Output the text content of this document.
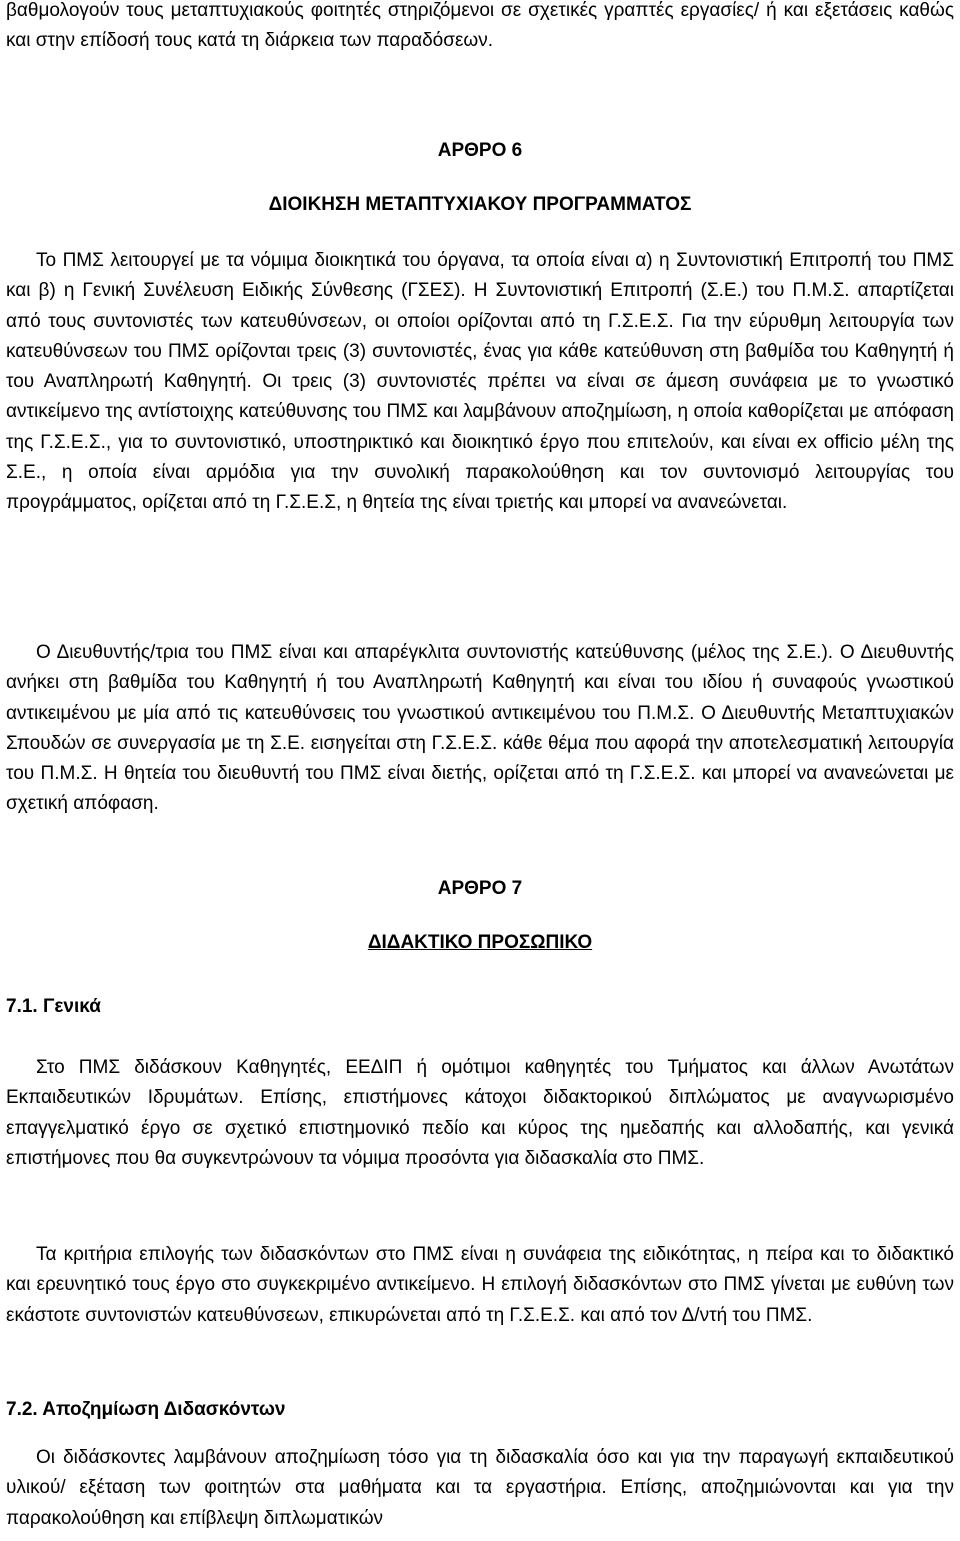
βαθμολογούν τους μεταπτυχιακούς φοιτητές στηριζόμενοι σε σχετικές γραπτές εργασίες/ ή και εξετάσεις καθώς και στην επίδοσή τους κατά τη διάρκεια των παραδόσεων.

ΑΡΘΡΟ 6

ΔΙΟΙΚΗΣΗ ΜΕΤΑΠΤΥΧΙΑΚΟΥ ΠΡΟΓΡΑΜΜΑΤΟΣ

Το ΠΜΣ λειτουργεί με τα νόμιμα διοικητικά του όργανα, τα οποία είναι α) η Συντονιστική Επιτροπή του ΠΜΣ και β) η Γενική Συνέλευση Ειδικής Σύνθεσης (ΓΣΕΣ). Η Συντονιστική Επιτροπή (Σ.Ε.) του Π.Μ.Σ. απαρτίζεται από τους συντονιστές των κατευθύνσεων, οι οποίοι ορίζονται από τη Γ.Σ.Ε.Σ. Για την εύρυθμη λειτουργία των κατευθύνσεων του ΠΜΣ ορίζονται τρεις (3) συντονιστές, ένας για κάθε κατεύθυνση στη βαθμίδα του Καθηγητή ή του Αναπληρωτή Καθηγητή. Οι τρεις (3) συντονιστές πρέπει να είναι σε άμεση συνάφεια με το γνωστικό αντικείμενο της αντίστοιχης κατεύθυνσης του ΠΜΣ και λαμβάνουν αποζημίωση, η οποία καθορίζεται με απόφαση της Γ.Σ.Ε.Σ., για το συντονιστικό, υποστηρικτικό και διοικητικό έργο που επιτελούν, και είναι ex officio μέλη της Σ.Ε., η οποία είναι αρμόδια για την συνολική παρακολούθηση και τον συντονισμό λειτουργίας του προγράμματος, ορίζεται από τη Γ.Σ.Ε.Σ, η θητεία της είναι τριετής και μπορεί να ανανεώνεται.

Ο Διευθυντής/τρια του ΠΜΣ είναι και απαρέγκλιτα συντονιστής κατεύθυνσης (μέλος της Σ.Ε.). Ο Διευθυντής ανήκει στη βαθμίδα του Καθηγητή ή του Αναπληρωτή Καθηγητή και είναι του ιδίου ή συναφούς γνωστικού αντικειμένου με μία από τις κατευθύνσεις του γνωστικού αντικειμένου του Π.Μ.Σ. Ο Διευθυντής Μεταπτυχιακών Σπουδών σε συνεργασία με τη Σ.Ε. εισηγείται στη Γ.Σ.Ε.Σ. κάθε θέμα που αφορά την αποτελεσματική λειτουργία του Π.Μ.Σ. Η θητεία του διευθυντή του ΠΜΣ είναι διετής, ορίζεται από τη Γ.Σ.Ε.Σ. και μπορεί να ανανεώνεται με σχετική απόφαση.

ΑΡΘΡΟ 7

ΔΙΔΑΚΤΙΚΟ ΠΡΟΣΩΠΙΚΟ

7.1. Γενικά

Στο ΠΜΣ διδάσκουν Καθηγητές, ΕΕΔΙΠ ή ομότιμοι καθηγητές του Τμήματος και άλλων Ανωτάτων Εκπαιδευτικών Ιδρυμάτων. Επίσης, επιστήμονες κάτοχοι διδακτορικού διπλώματος με αναγνωρισμένο επαγγελματικό έργο σε σχετικό επιστημονικό πεδίο και κύρος της ημεδαπής και αλλοδαπής, και γενικά επιστήμονες που θα συγκεντρώνουν τα νόμιμα προσόντα για διδασκαλία στο ΠΜΣ.

Τα κριτήρια επιλογής των διδασκόντων στο ΠΜΣ είναι η συνάφεια της ειδικότητας, η πείρα και το διδακτικό και ερευνητικό τους έργο στο συγκεκριμένο αντικείμενο. Η επιλογή διδασκόντων στο ΠΜΣ γίνεται με ευθύνη των εκάστοτε συντονιστών κατευθύνσεων, επικυρώνεται από τη Γ.Σ.Ε.Σ. και από τον Δ/ντή του ΠΜΣ.

7.2. Αποζημίωση Διδασκόντων

Οι διδάσκοντες λαμβάνουν αποζημίωση τόσο για τη διδασκαλία όσο και για την παραγωγή εκπαιδευτικού υλικού/ εξέταση των φοιτητών στα μαθήματα και τα εργαστήρια. Επίσης, αποζημιώνονται και για την παρακολούθηση και επίβλεψη διπλωματικών
